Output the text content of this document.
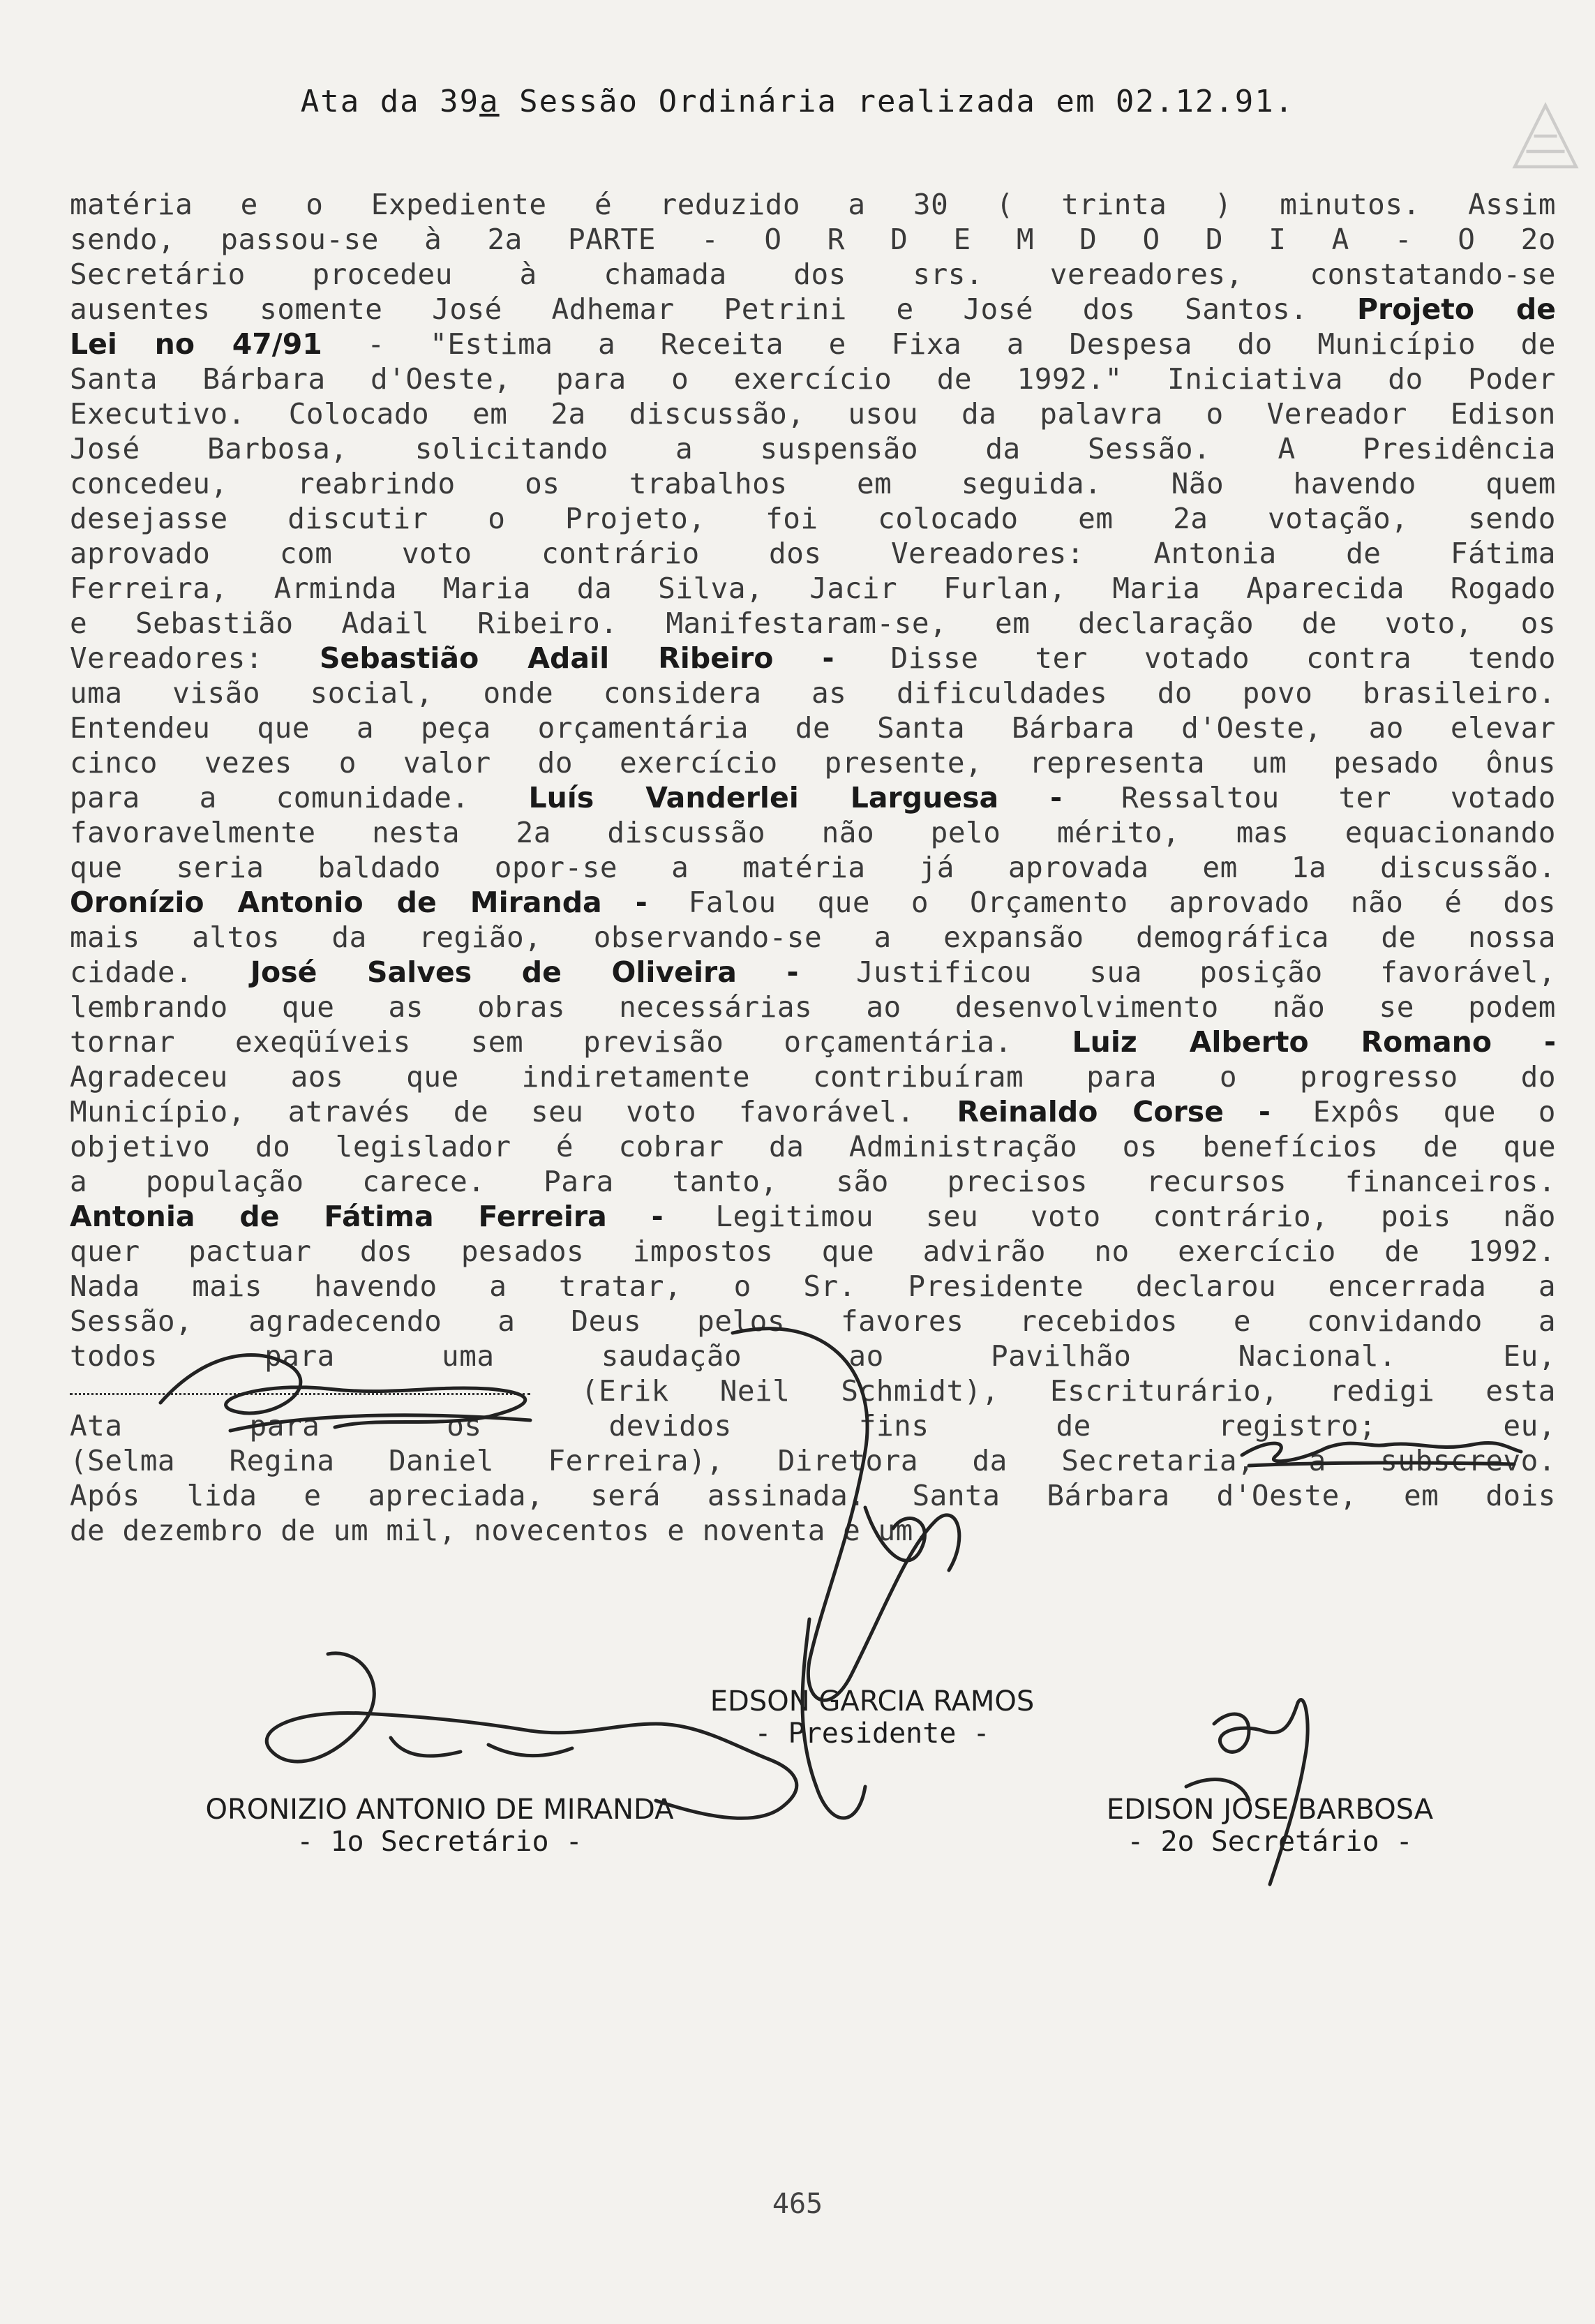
Ata da 39a Sessão Ordinária realizada em 02.12.91.

matéria e o Expediente é reduzido a 30 ( trinta ) minutos. Assim

sendo, passou-se à 2a PARTE - O R D E M D O D I A - O 2o

Secretário procedeu à chamada dos srs. vereadores, constatando-se

ausentes somente José Adhemar Petrini e José dos Santos. Projeto de

Lei no 47/91 - "Estima a Receita e Fixa a Despesa do Município de

Santa Bárbara d'Oeste, para o exercício de 1992." Iniciativa do Poder

Executivo. Colocado em 2a discussão, usou da palavra o Vereador Edison

José Barbosa, solicitando a suspensão da Sessão. A Presidência

concedeu, reabrindo os trabalhos em seguida. Não havendo quem

desejasse discutir o Projeto, foi colocado em 2a votação, sendo

aprovado com voto contrário dos Vereadores: Antonia de Fátima

Ferreira, Arminda Maria da Silva, Jacir Furlan, Maria Aparecida Rogado

e Sebastião Adail Ribeiro. Manifestaram-se, em declaração de voto, os

Vereadores: Sebastião Adail Ribeiro - Disse ter votado contra tendo

uma visão social, onde considera as dificuldades do povo brasileiro.

Entendeu que a peça orçamentária de Santa Bárbara d'Oeste, ao elevar

cinco vezes o valor do exercício presente, representa um pesado ônus

para a comunidade. Luís Vanderlei Larguesa - Ressaltou ter votado

favoravelmente nesta 2a discussão não pelo mérito, mas equacionando

que seria baldado opor-se a matéria já aprovada em 1a discussão.

Oronízio Antonio de Miranda - Falou que o Orçamento aprovado não é dos

mais altos da região, observando-se a expansão demográfica de nossa

cidade. José Salves de Oliveira - Justificou sua posição favorável,

lembrando que as obras necessárias ao desenvolvimento não se podem

tornar exeqüíveis sem previsão orçamentária. Luiz Alberto Romano -

Agradeceu aos que indiretamente contribuíram para o progresso do

Município, através de seu voto favorável. Reinaldo Corse - Expôs que o

objetivo do legislador é cobrar da Administração os benefícios de que

a população carece. Para tanto, são precisos recursos financeiros.

Antonia de Fátima Ferreira - Legitimou seu voto contrário, pois não

quer pactuar dos pesados impostos que advirão no exercício de 1992.

Nada mais havendo a tratar, o Sr. Presidente declarou encerrada a

Sessão, agradecendo a Deus pelos favores recebidos e convidando a

todos para uma saudação ao Pavilhão Nacional. Eu,

(Erik Neil Schmidt), Escriturário, redigi esta

Ata para os devidos fins de registro; eu,

(Selma Regina Daniel Ferreira), Diretora da Secretaria, a subscrevo.

Após lida e apreciada, será assinada. Santa Bárbara d'Oeste, em dois

de dezembro de um mil, novecentos e noventa e um.

EDSON GARCIA RAMOS
- Presidente -
ORONIZIO ANTONIO DE MIRANDA
- 1o Secretário -
EDISON JOSE BARBOSA
- 2o Secretário -
465
